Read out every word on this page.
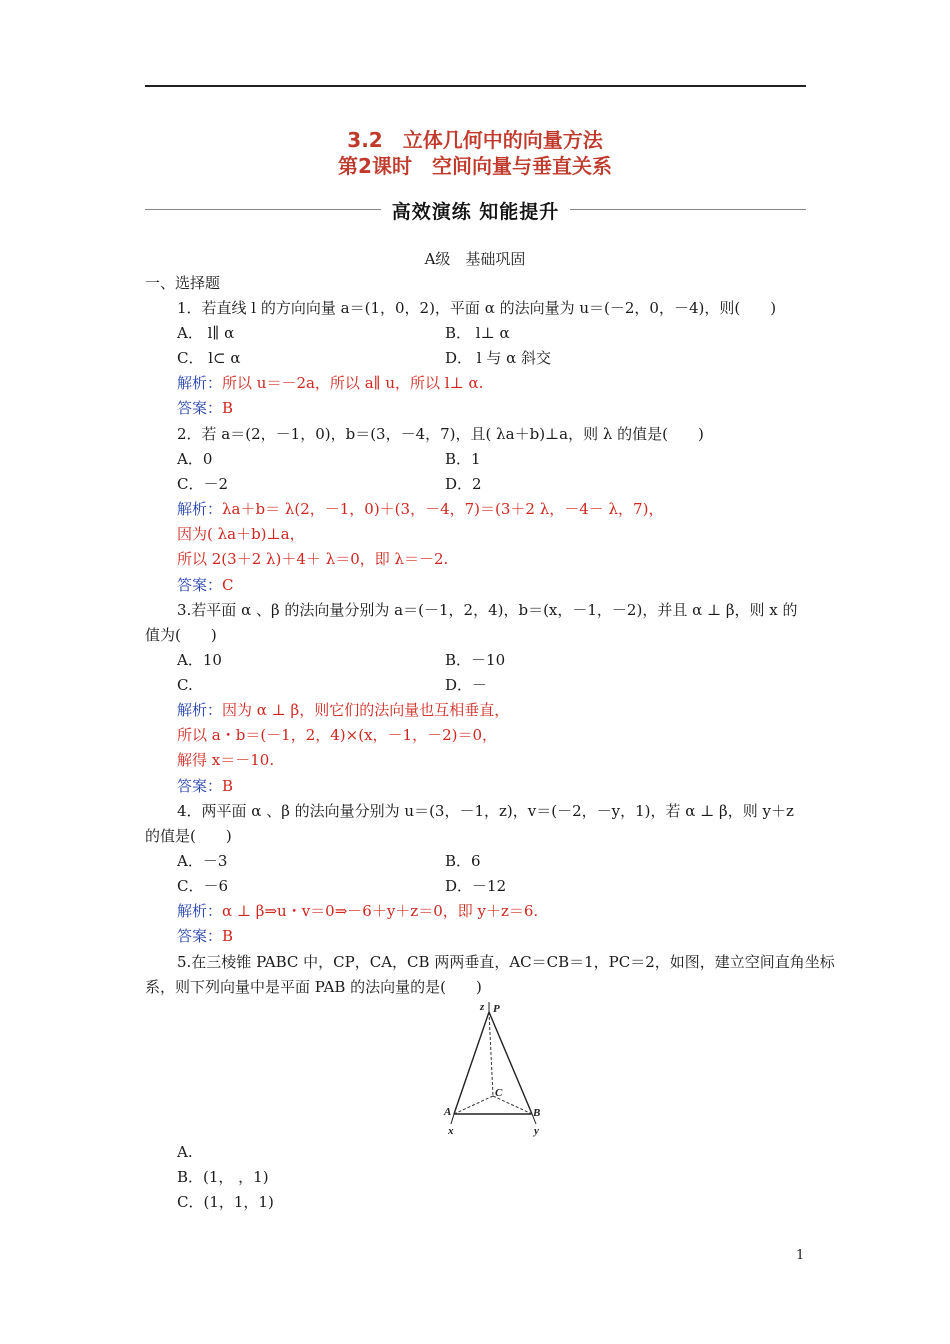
3.2　立体几何中的向量方法
第2课时　空间向量与垂直关系
高效演练 知能提升
A级　基础巩固
一、选择题
1．若直线 l 的方向向量 a＝(1，0，2)，平面 α 的法向量为 u＝(－2，0，－4)，则(　　)
A． l∥ α	B． l⊥ α
C． l⊂ α	D． l 与 α 斜交
解析：所以 u＝－2a，所以 a∥ u，所以 l⊥ α.
答案：B
2．若 a＝(2，－1，0)，b＝(3，－4，7)，且( λa＋b)⊥a，则 λ 的值是(　　)
A．0	B．1
C．－2	D．2
解析：λa＋b＝ λ(2，－1，0)＋(3，－4，7)＝(3＋2 λ，－4－ λ，7)，
因为( λa＋b)⊥a，
所以 2(3＋2 λ)＋4＋ λ＝0，即 λ＝－2.
答案：C
3.若平面 α 、β 的法向量分别为 a＝(－1，2，4)，b＝(x，－1，－2)，并且 α ⊥ β，则 x 的
值为(　　)
A．10	B．－10
C.	D．－
解析：因为 α ⊥ β，则它们的法向量也互相垂直，
所以 a・b＝(－1，2，4)×(x，－1，－2)＝0，
解得 x＝－10.
答案：B
4．两平面 α 、β 的法向量分别为 u＝(3，－1，z)，v＝(－2，－y，1)，若 α ⊥ β，则 y＋z
的值是(　　)
A．－3	B．6
C．－6	D．－12
解析：α ⊥ β⇒u・v＝0⇒－6＋y＋z＝0，即 y＋z＝6.
答案：B
5.在三棱锥 PABC 中，CP，CA，CB 两两垂直，AC＝CB＝1，PC＝2，如图，建立空间直角坐标
系，则下列向量中是平面 PAB 的法向量的是(　　)
z P
C
A	B
x	y
A.
B．(1， ，1)
C．(1，1，1)
1
